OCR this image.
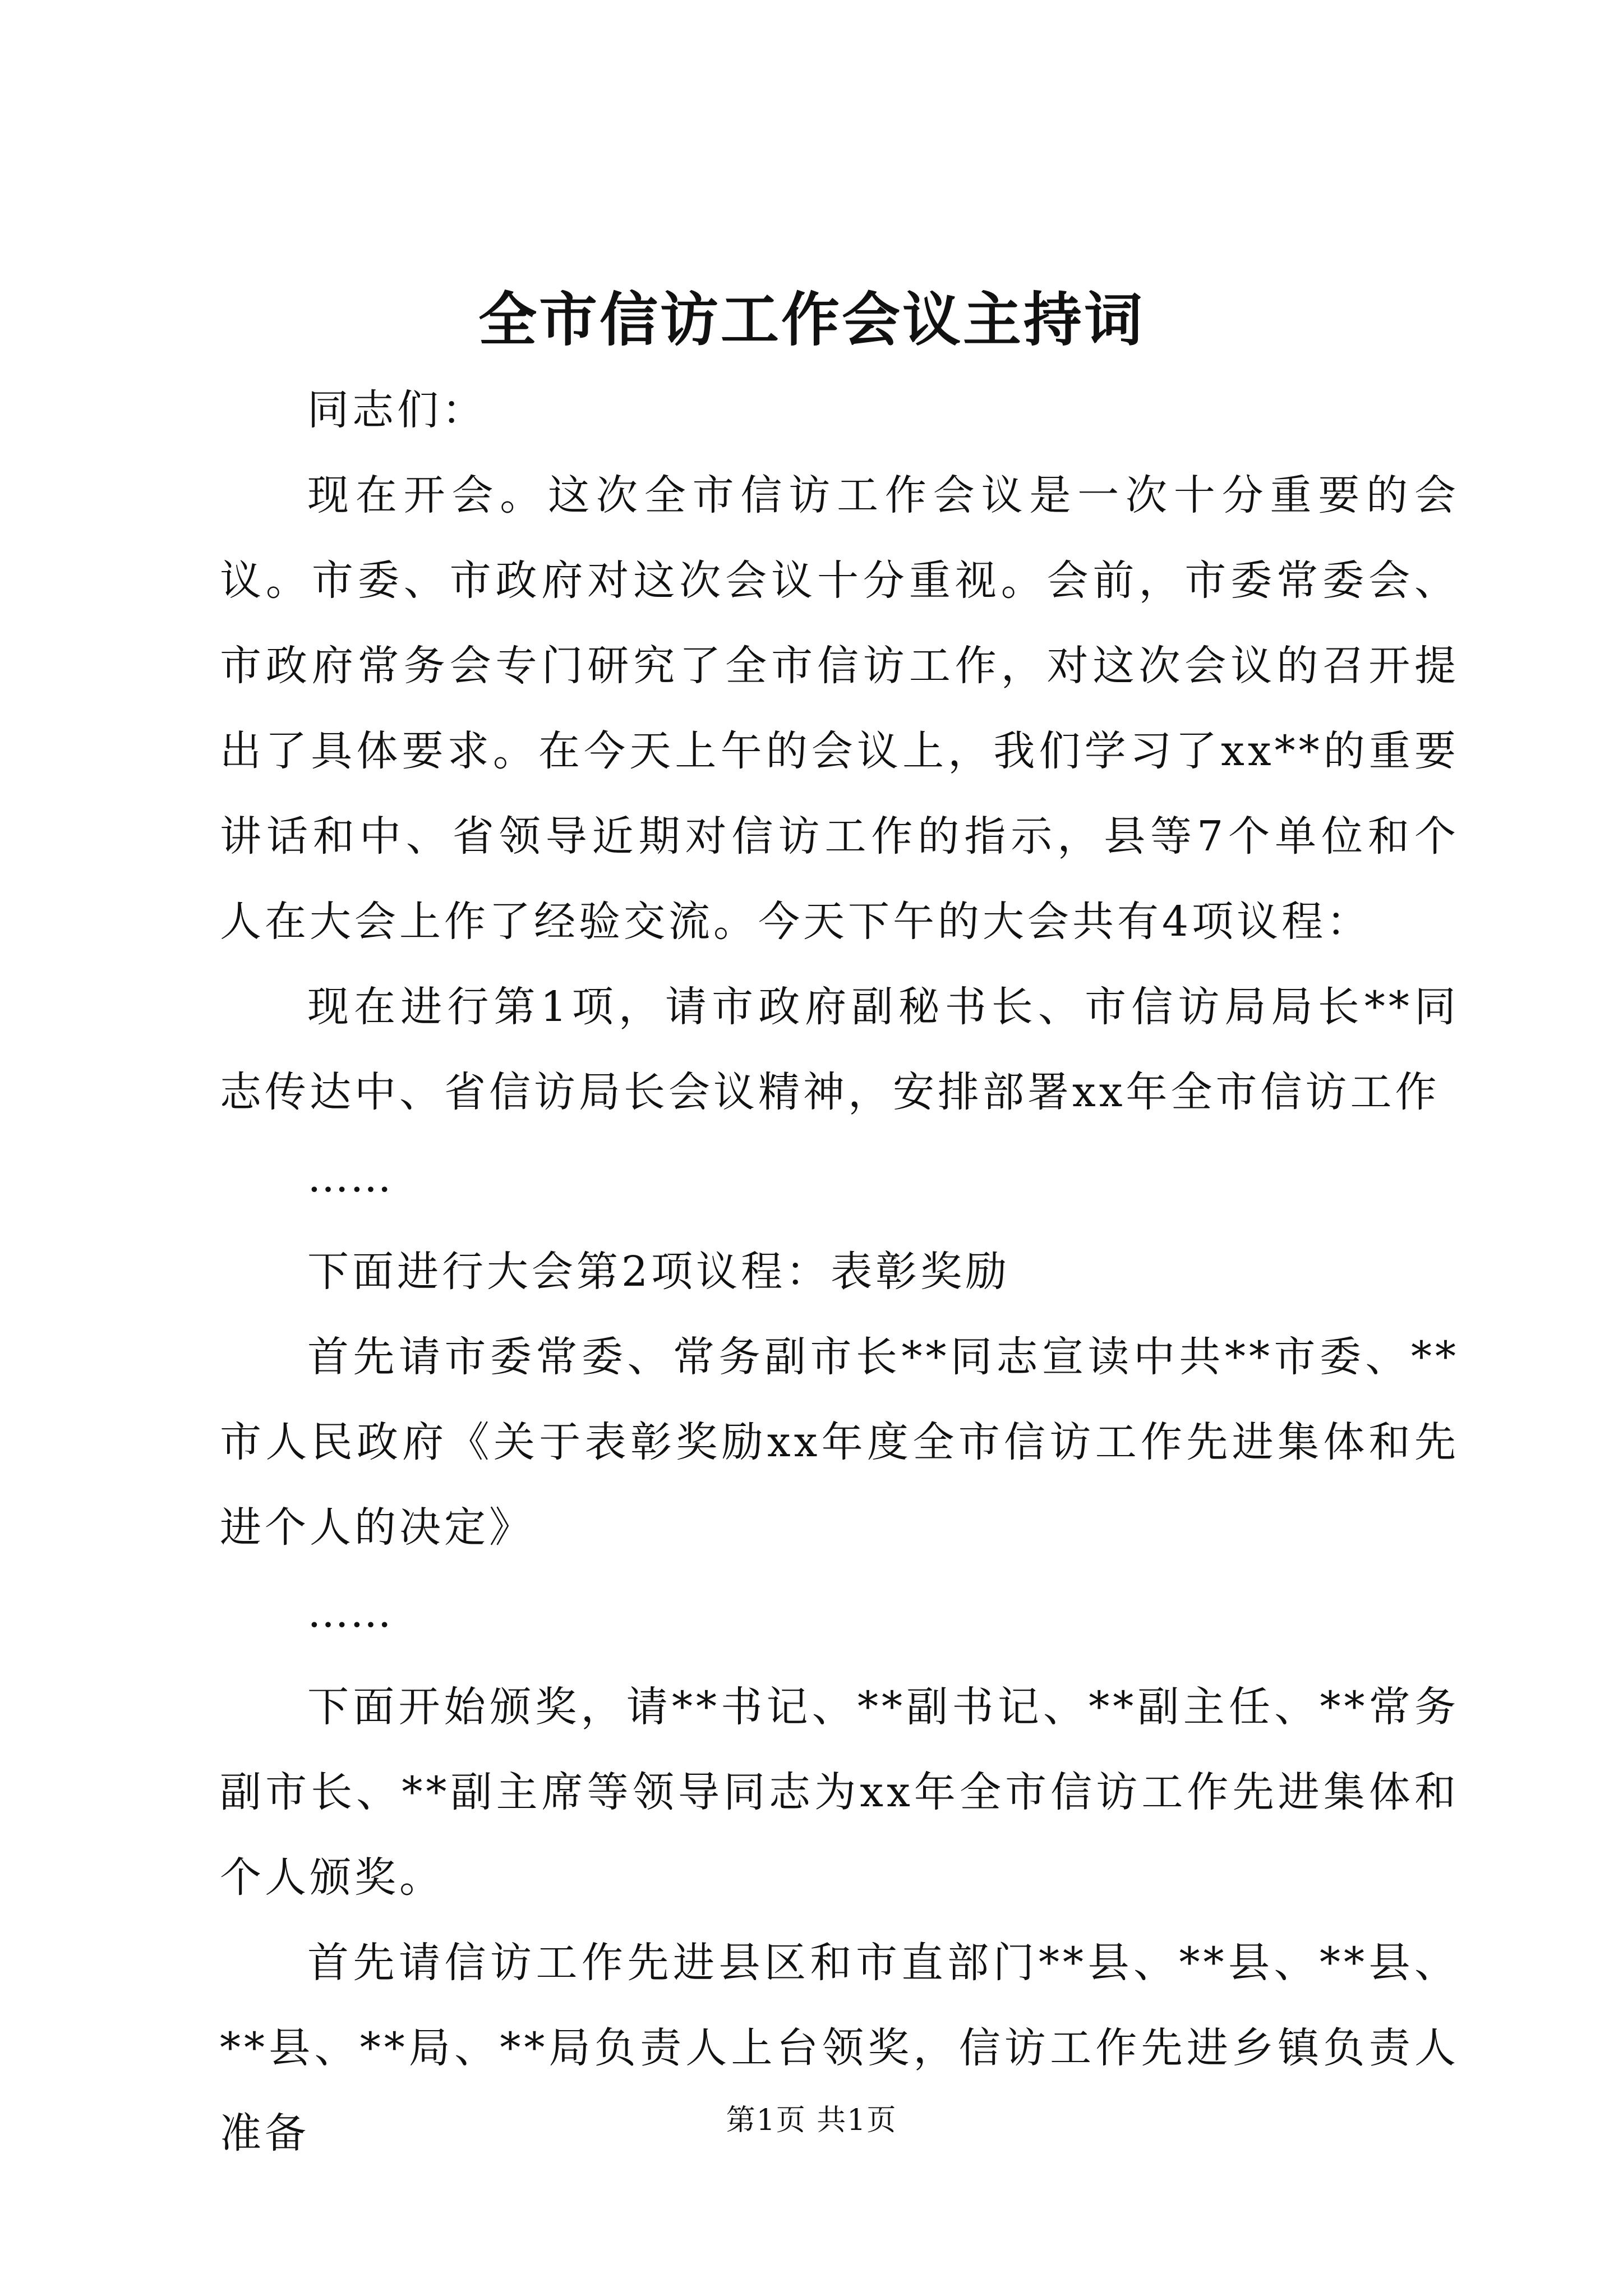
全市信访工作会议主持词

同志们：

现在开会。这次全市信访工作会议是一次十分重要的会议。市委、市政府对这次会议十分重视。会前，市委常委会、市政府常务会专门研究了全市信访工作，对这次会议的召开提出了具体要求。在今天上午的会议上，我们学习了xx**的重要讲话和中、省领导近期对信访工作的指示，县等7个单位和个人在大会上作了经验交流。今天下午的大会共有4项议程：

现在进行第1项，请市政府副秘书长、市信访局局长**同志传达中、省信访局长会议精神，安排部署xx年全市信访工作

……

下面进行大会第2项议程：表彰奖励

首先请市委常委、常务副市长**同志宣读中共**市委、**市人民政府《关于表彰奖励xx年度全市信访工作先进集体和先进个人的决定》

……

下面开始颁奖，请**书记、**副书记、**副主任、**常务副市长、**副主席等领导同志为xx年全市信访工作先进集体和个人颁奖。

首先请信访工作先进县区和市直部门**县、**县、**县、**县、**局、**局负责人上台领奖，信访工作先进乡镇负责人准备	第1页 共1页
